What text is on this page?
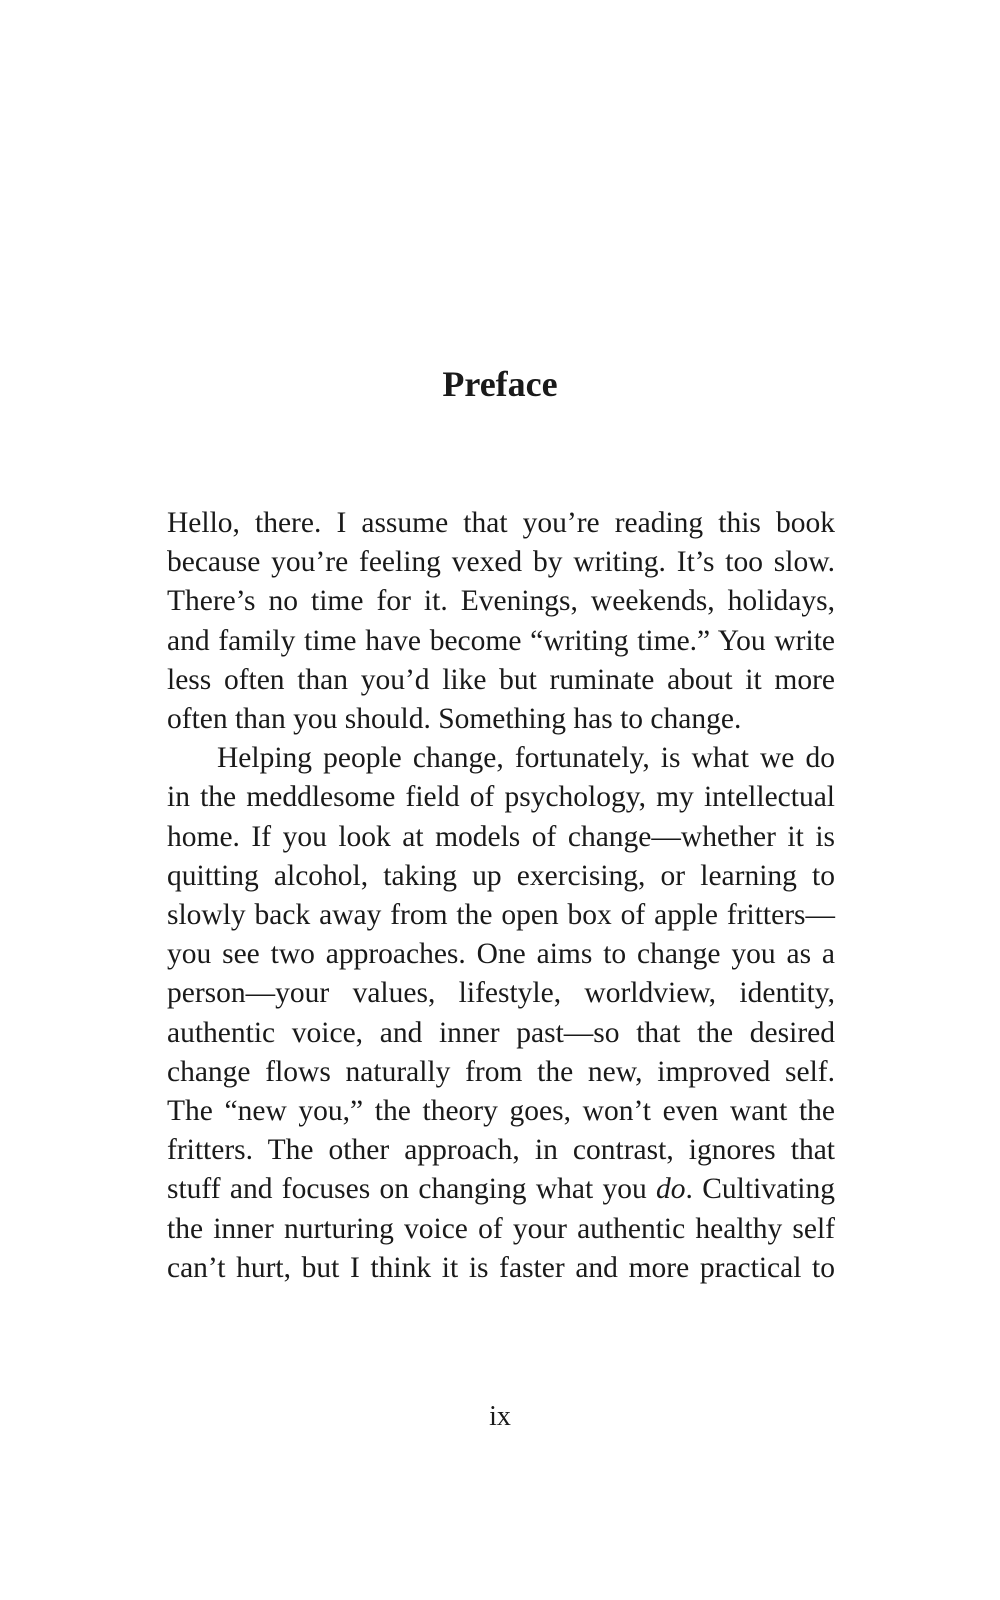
Preface

Hello, there. I assume that you’re reading this book because you’re feeling vexed by writing. It’s too slow. There’s no time for it. Evenings, weekends, holidays, and family time have become “writing time.” You write less often than you’d like but ruminate about it more often than you should. Something has to change.

Helping people change, fortunately, is what we do in the meddlesome field of psychology, my intellectual home. If you look at models of change—whether it is quitting alcohol, taking up exercising, or learning to slowly back away from the open box of apple fritters—you see two approaches. One aims to change you as a person—your values, lifestyle, worldview, identity, authentic voice, and inner past—so that the desired change flows naturally from the new, improved self. The “new you,” the theory goes, won’t even want the fritters. The other approach, in contrast, ignores that stuff and focuses on changing what you do. Cultivating the inner nurturing voice of your authentic healthy self can’t hurt, but I think it is faster and more practical to

ix
